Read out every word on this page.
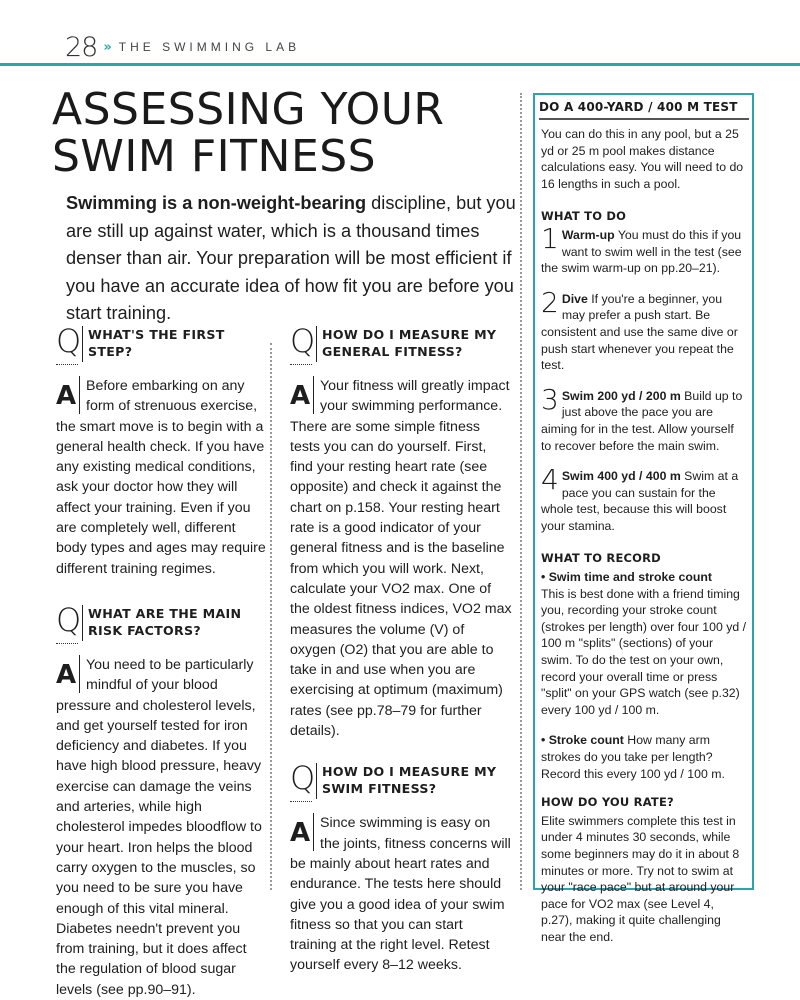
28 » THE SWIMMING LAB
ASSESSING YOUR
SWIM FITNESS

Swimming is a non-weight-bearing discipline, but you are still up against water, which is a thousand times denser than air. Your preparation will be most efficient if you have an accurate idea of how fit you are before you start training.

Q WHAT'S THE FIRST STEP?
A Before embarking on any form of strenuous exercise, the smart move is to begin with a general health check. If you have any existing medical conditions, ask your doctor how they will affect your training. Even if you are completely well, different body types and ages may require different training regimes.
Q WHAT ARE THE MAIN RISK FACTORS?
A You need to be particularly mindful of your blood pressure and cholesterol levels, and get yourself tested for iron deficiency and diabetes. If you have high blood pressure, heavy exercise can damage the veins and arteries, while high cholesterol impedes bloodflow to your heart. Iron helps the blood carry oxygen to the muscles, so you need to be sure you have enough of this vital mineral. Diabetes needn't prevent you from training, but it does affect the regulation of blood sugar levels (see pp.90–91).
Q HOW DO I MEASURE MY GENERAL FITNESS?
A Your fitness will greatly impact your swimming performance. There are some simple fitness tests you can do yourself. First, find your resting heart rate (see opposite) and check it against the chart on p.158. Your resting heart rate is a good indicator of your general fitness and is the baseline from which you will work. Next, calculate your VO2 max. One of the oldest fitness indices, VO2 max measures the volume (V) of oxygen (O2) that you are able to take in and use when you are exercising at optimum (maximum) rates (see pp.78–79 for further details).
Q HOW DO I MEASURE MY SWIM FITNESS?
A Since swimming is easy on the joints, fitness concerns will be mainly about heart rates and endurance. The tests here should give you a good idea of your swim fitness so that you can start training at the right level. Retest yourself every 8–12 weeks.
DO A 400-YARD / 400 M TEST

You can do this in any pool, but a 25 yd or 25 m pool makes distance calculations easy. You will need to do 16 lengths in such a pool.

WHAT TO DO
1 Warm-up You must do this if you want to swim well in the test (see the swim warm-up on pp.20–21).
2 Dive If you're a beginner, you may prefer a push start. Be consistent and use the same dive or push start whenever you repeat the test.
3 Swim 200 yd / 200 m Build up to just above the pace you are aiming for in the test. Allow yourself to recover before the main swim.
4 Swim 400 yd / 400 m Swim at a pace you can sustain for the whole test, because this will boost your stamina.
WHAT TO RECORD

• Swim time and stroke count
This is best done with a friend timing you, recording your stroke count (strokes per length) over four 100 yd / 100 m "splits" (sections) of your swim. To do the test on your own, record your overall time or press "split" on your GPS watch (see p.32) every 100 yd / 100 m.

• Stroke count How many arm strokes do you take per length? Record this every 100 yd / 100 m.

HOW DO YOU RATE?

Elite swimmers complete this test in under 4 minutes 30 seconds, while some beginners may do it in about 8 minutes or more. Try not to swim at your "race pace" but at around your pace for VO2 max (see Level 4, p.27), making it quite challenging near the end.
